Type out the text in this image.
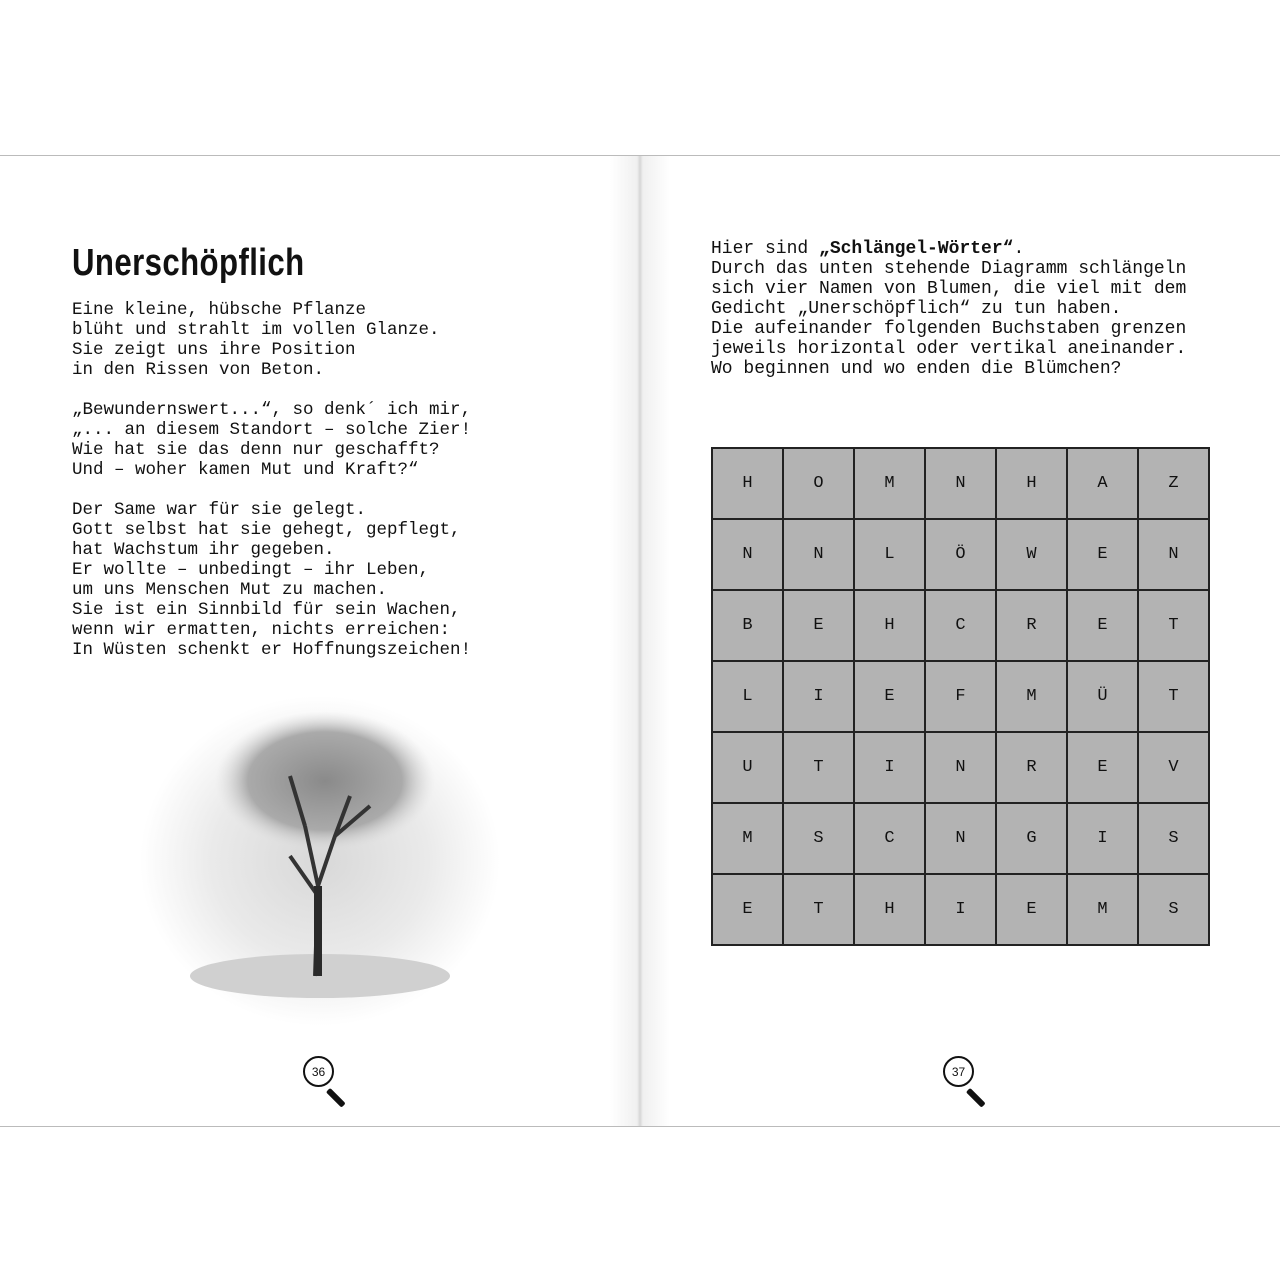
Unerschöpflich
Eine kleine, hübsche Pflanze
blüht und strahlt im vollen Glanze.
Sie zeigt uns ihre Position
in den Rissen von Beton.
„Bewundernswert...“, so denk´ ich mir,
„... an diesem Standort – solche Zier!
Wie hat sie das denn nur geschafft?
Und – woher kamen Mut und Kraft?“
Der Same war für sie gelegt.
Gott selbst hat sie gehegt, gepflegt,
hat Wachstum ihr gegeben.
Er wollte – unbedingt – ihr Leben,
um uns Menschen Mut zu machen.
Sie ist ein Sinnbild für sein Wachen,
wenn wir ermatten, nichts erreichen:
In Wüsten schenkt er Hoffnungszeichen!
36
Hier sind „Schlängel-Wörter“.
Durch das unten stehende Diagramm schlängeln
sich vier Namen von Blumen, die viel mit dem
Gedicht „Unerschöpflich“ zu tun haben.
Die aufeinander folgenden Buchstaben grenzen
jeweils horizontal oder vertikal aneinander.
Wo beginnen und wo enden die Blümchen?
H	O	M	N	H	A	Z
N	N	L	Ö	W	E	N
B	E	H	C	R	E	T
L	I	E	F	M	Ü	T
U	T	I	N	R	E	V
M	S	C	N	G	I	S
E	T	H	I	E	M	S
37
